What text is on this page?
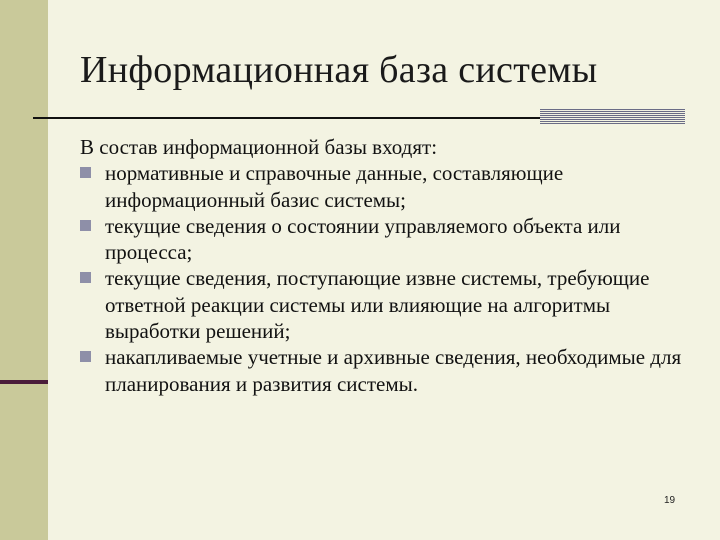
Информационная база системы

В состав информационной базы входят:

нормативные и справочные данные, составляющие информационный базис системы;
текущие сведения о состоянии управляемого объекта или процесса;
текущие сведения, поступающие извне системы, требующие ответной реакции системы или влияющие на алгоритмы выработки решений;
накапливаемые учетные и архивные сведения, необходимые для планирования и развития системы.
19
